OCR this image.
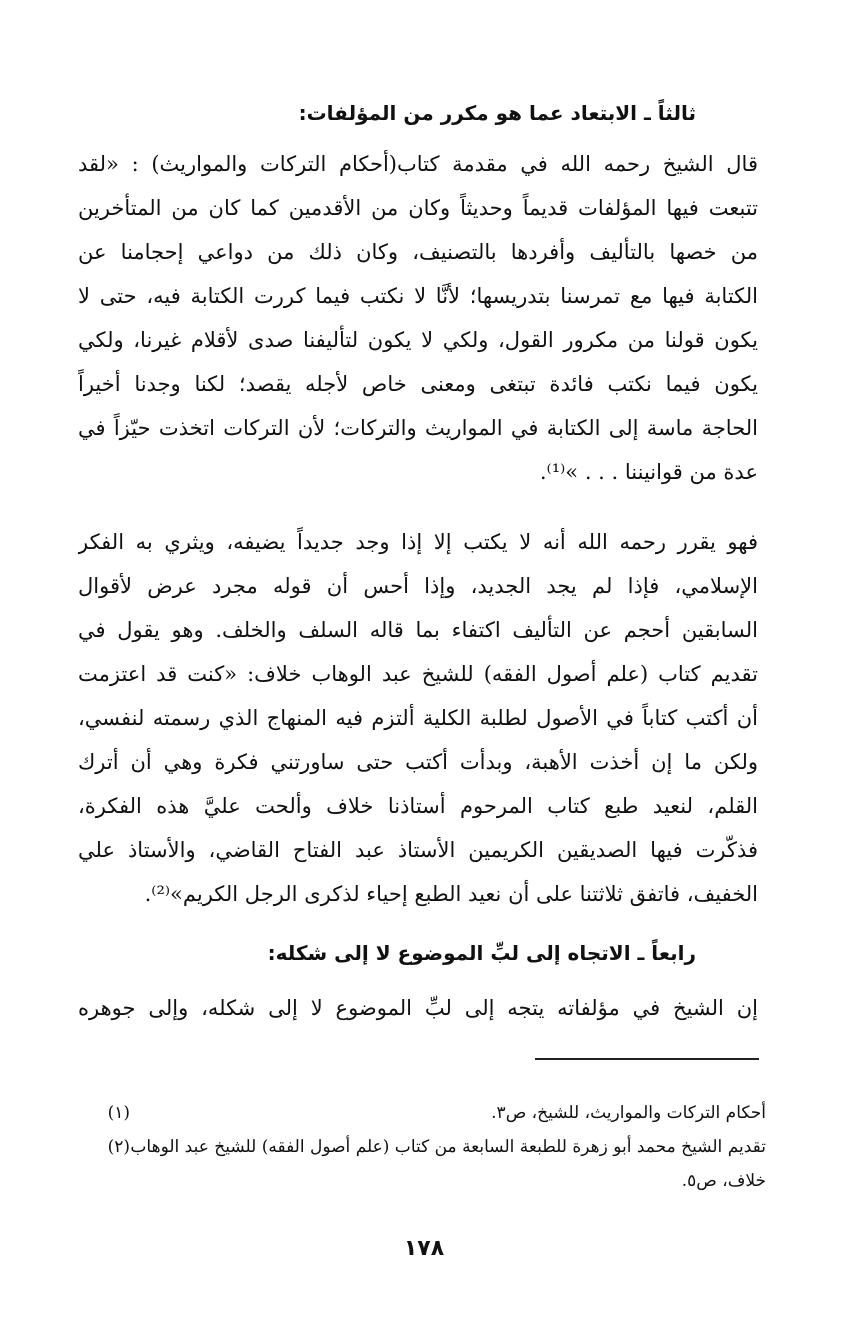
ثالثاً ـ الابتعاد عما هو مكرر من المؤلفات:
قال الشيخ رحمه الله في مقدمة كتاب(أحكام التركات والمواريث) : «لقد
تتبعت فيها المؤلفات قديماً وحديثاً وكان من الأقدمين كما كان من المتأخرين
من خصها بالتأليف وأفردها بالتصنيف، وكان ذلك من دواعي إحجامنا عن
الكتابة فيها مع تمرسنا بتدريسها؛ لأنَّا لا نكتب فيما كررت الكتابة فيه، حتى لا
يكون قولنا من مكرور القول، ولكي لا يكون لتأليفنا صدى لأقلام غيرنا، ولكي
يكون فيما نكتب فائدة تبتغى ومعنى خاص لأجله يقصد؛ لكنا وجدنا أخيراً
الحاجة ماسة إلى الكتابة في المواريث والتركات؛ لأن التركات اتخذت حيّزاً في
عدة من قوانيننا . . . »⁽¹⁾.
فهو يقرر رحمه الله أنه لا يكتب إلا إذا وجد جديداً يضيفه، ويثري به الفكر
الإسلامي، فإذا لم يجد الجديد، وإذا أحس أن قوله مجرد عرض لأقوال
السابقين أحجم عن التأليف اكتفاء بما قاله السلف والخلف. وهو يقول في
تقديم كتاب (علم أصول الفقه) للشيخ عبد الوهاب خلاف: «كنت قد اعتزمت
أن أكتب كتاباً في الأصول لطلبة الكلية ألتزم فيه المنهاج الذي رسمته لنفسي،
ولكن ما إن أخذت الأهبة، وبدأت أكتب حتى ساورتني فكرة وهي أن أترك
القلم، لنعيد طبع كتاب المرحوم أستاذنا خلاف وألحت عليَّ هذه الفكرة،
فذكّرت فيها الصديقين الكريمين الأستاذ عبد الفتاح القاضي، والأستاذ علي
الخفيف، فاتفق ثلاثتنا على أن نعيد الطبع إحياء لذكرى الرجل الكريم»⁽²⁾.
رابعاً ـ الاتجاه إلى لبِّ الموضوع لا إلى شكله:
إن الشيخ في مؤلفاته يتجه إلى لبِّ الموضوع لا إلى شكله، وإلى جوهره
(١)	أحكام التركات والمواريث، للشيخ، ص٣.
(٢) تقديم الشيخ محمد أبو زهرة للطبعة السابعة من كتاب (علم أصول الفقه) للشيخ عبد الوهاب خلاف، ص٥.
١٧٨
